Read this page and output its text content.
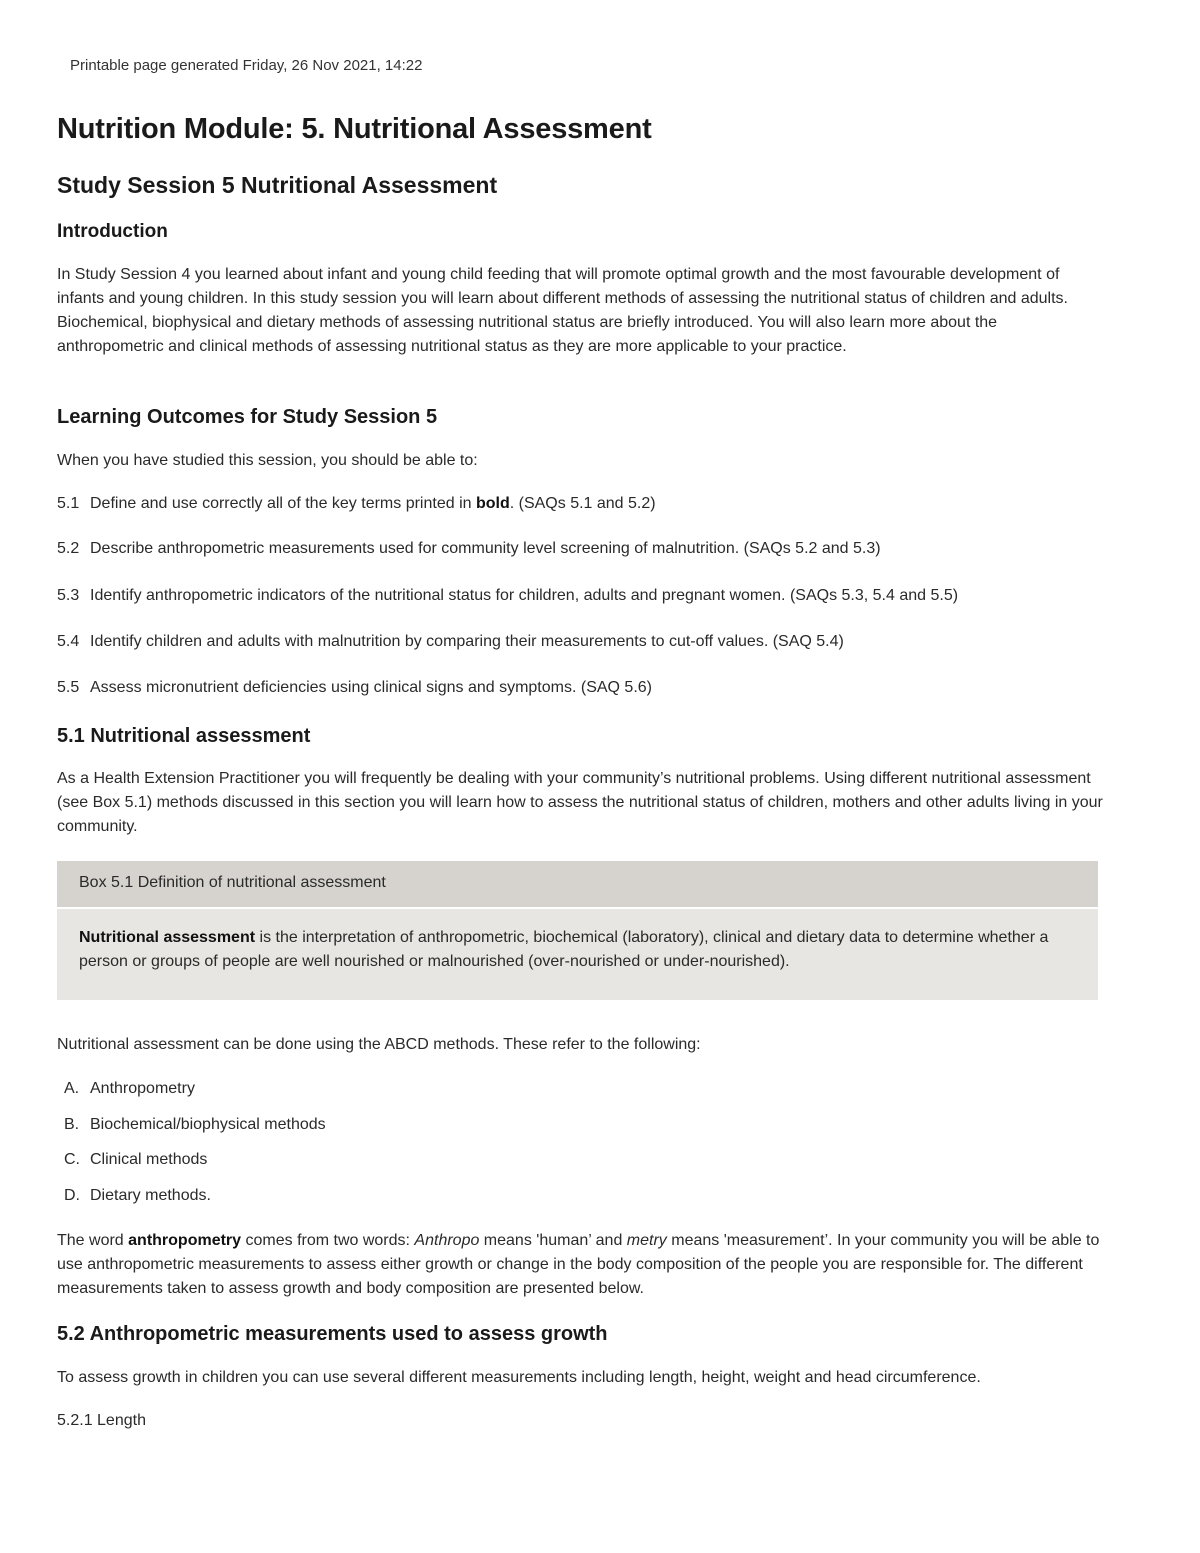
Printable page generated Friday, 26 Nov 2021, 14:22

Nutrition Module: 5. Nutritional Assessment
Study Session 5 Nutritional Assessment
Introduction

In Study Session 4 you learned about infant and young child feeding that will promote optimal growth and the most favourable development of infants and young children. In this study session you will learn about different methods of assessing the nutritional status of children and adults. Biochemical, biophysical and dietary methods of assessing nutritional status are briefly introduced. You will also learn more about the anthropometric and clinical methods of assessing nutritional status as they are more applicable to your practice.

Learning Outcomes for Study Session 5

When you have studied this session, you should be able to:

5.1 Define and use correctly all of the key terms printed in bold. (SAQs 5.1 and 5.2)

5.2 Describe anthropometric measurements used for community level screening of malnutrition. (SAQs 5.2 and 5.3)

5.3 Identify anthropometric indicators of the nutritional status for children, adults and pregnant women. (SAQs 5.3, 5.4 and 5.5)

5.4 Identify children and adults with malnutrition by comparing their measurements to cut-off values. (SAQ 5.4)

5.5 Assess micronutrient deficiencies using clinical signs and symptoms. (SAQ 5.6)

5.1 Nutritional assessment

As a Health Extension Practitioner you will frequently be dealing with your community’s nutritional problems. Using different nutritional assessment (see Box 5.1) methods discussed in this section you will learn how to assess the nutritional status of children, mothers and other adults living in your community.

Box 5.1 Definition of nutritional assessment

Nutritional assessment is the interpretation of anthropometric, biochemical (laboratory), clinical and dietary data to determine whether a person or groups of people are well nourished or malnourished (over-nourished or under-nourished).

Nutritional assessment can be done using the ABCD methods. These refer to the following:

A. Anthropometry

B. Biochemical/biophysical methods

C. Clinical methods

D. Dietary methods.

The word anthropometry comes from two words: Anthropo means 'human’ and metry means 'measurement’. In your community you will be able to use anthropometric measurements to assess either growth or change in the body composition of the people you are responsible for. The different measurements taken to assess growth and body composition are presented below.

5.2 Anthropometric measurements used to assess growth

To assess growth in children you can use several different measurements including length, height, weight and head circumference.

5.2.1 Length
